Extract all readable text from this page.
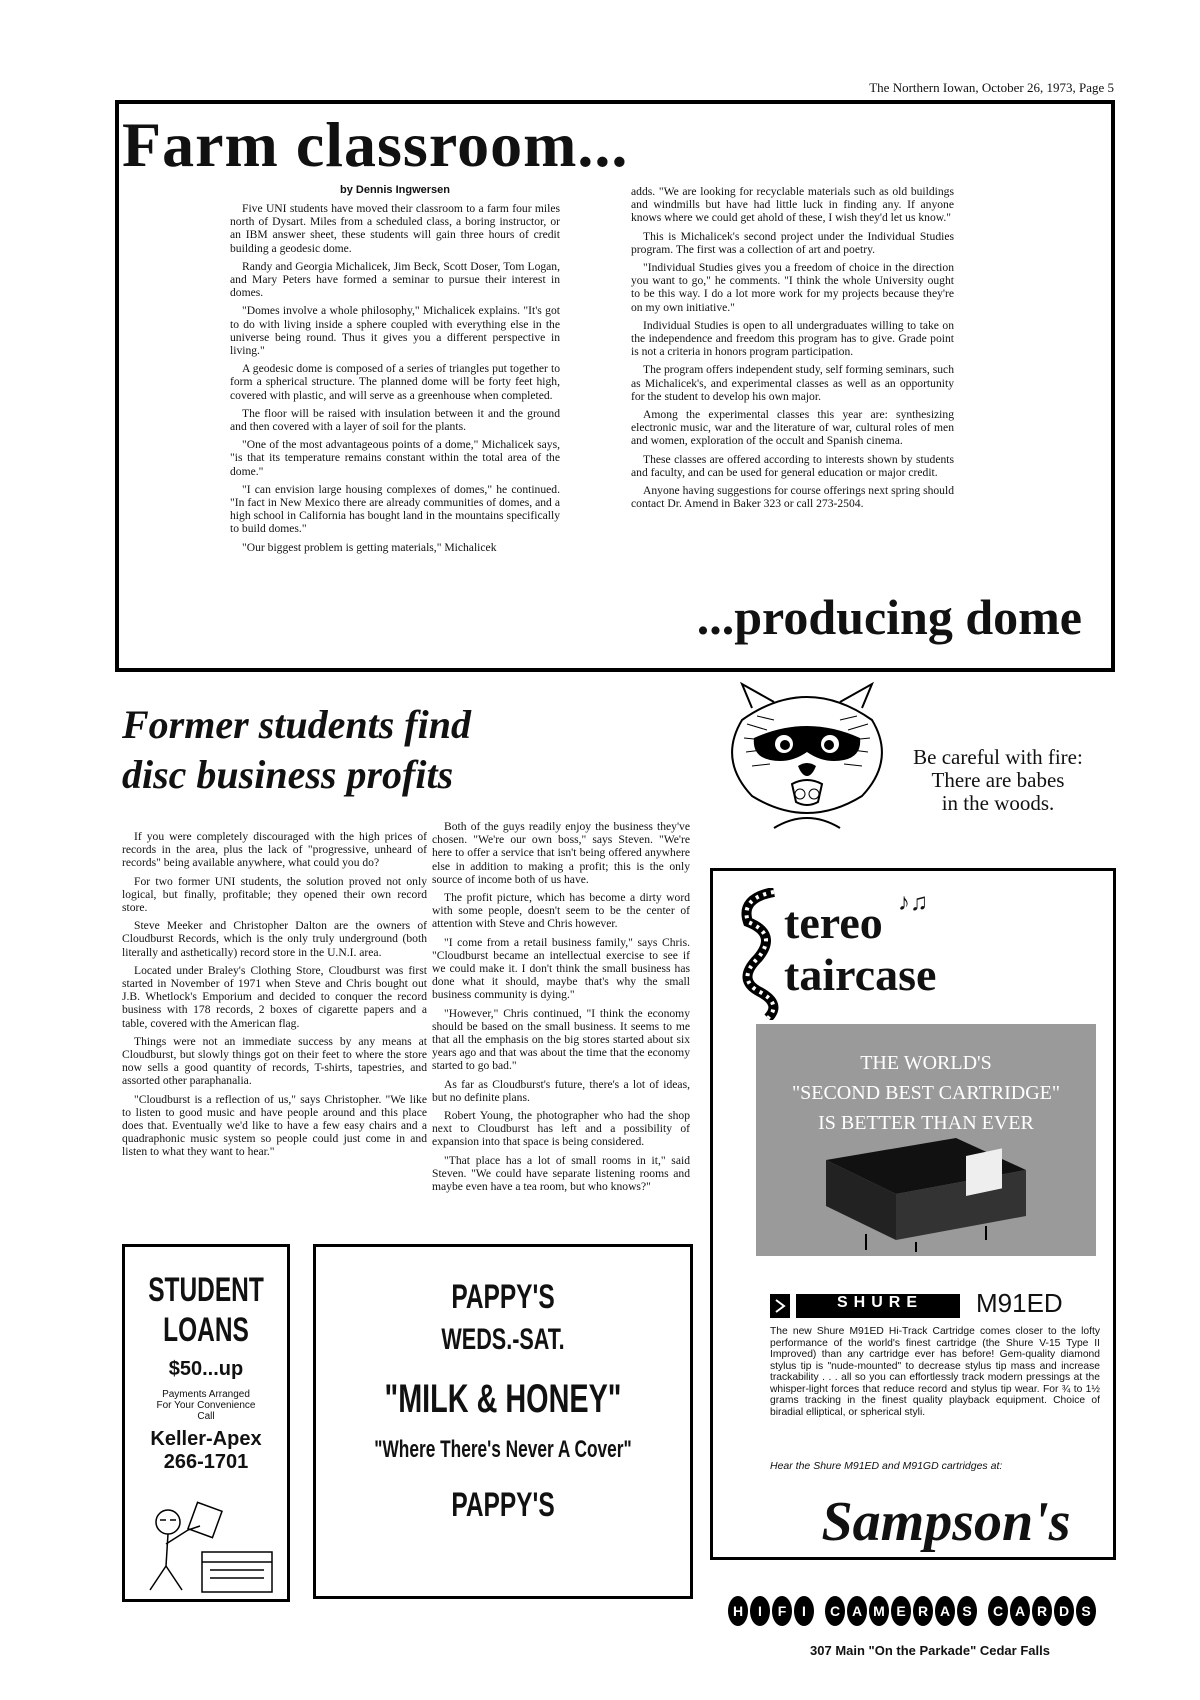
The Northern Iowan, October 26, 1973, Page 5
Farm classroom...
by Dennis Ingwersen

Five UNI students have moved their classroom to a farm four miles north of Dysart. Miles from a scheduled class, a boring instructor, or an IBM answer sheet, these students will gain three hours of credit building a geodesic dome.

Randy and Georgia Michalicek, Jim Beck, Scott Doser, Tom Logan, and Mary Peters have formed a seminar to pursue their interest in domes.

"Domes involve a whole philosophy," Michalicek explains. "It's got to do with living inside a sphere coupled with everything else in the universe being round. Thus it gives you a different perspective in living."

A geodesic dome is composed of a series of triangles put together to form a spherical structure. The planned dome will be forty feet high, covered with plastic, and will serve as a greenhouse when completed.

The floor will be raised with insulation between it and the ground and then covered with a layer of soil for the plants.

"One of the most advantageous points of a dome," Michalicek says, "is that its temperature remains constant within the total area of the dome."

"I can envision large housing complexes of domes," he continued. "In fact in New Mexico there are already communities of domes, and a high school in California has bought land in the mountains specifically to build domes."

"Our biggest problem is getting materials," Michalicek

adds. "We are looking for recyclable materials such as old buildings and windmills but have had little luck in finding any. If anyone knows where we could get ahold of these, I wish they'd let us know."

This is Michalicek's second project under the Individual Studies program. The first was a collection of art and poetry.

"Individual Studies gives you a freedom of choice in the direction you want to go," he comments. "I think the whole University ought to be this way. I do a lot more work for my projects because they're on my own initiative."

Individual Studies is open to all undergraduates willing to take on the independence and freedom this program has to give. Grade point is not a criteria in honors program participation.

The program offers independent study, self forming seminars, such as Michalicek's, and experimental classes as well as an opportunity for the student to develop his own major.

Among the experimental classes this year are: synthesizing electronic music, war and the literature of war, cultural roles of men and women, exploration of the occult and Spanish cinema.

These classes are offered according to interests shown by students and faculty, and can be used for general education or major credit.

Anyone having suggestions for course offerings next spring should contact Dr. Amend in Baker 323 or call 273-2504.

...producing dome
Former students find
disc business profits

If you were completely discouraged with the high prices of records in the area, plus the lack of "progressive, unheard of records" being available anywhere, what could you do?

For two former UNI students, the solution proved not only logical, but finally, profitable; they opened their own record store.

Steve Meeker and Christopher Dalton are the owners of Cloudburst Records, which is the only truly underground (both literally and asthetically) record store in the U.N.I. area.

Located under Braley's Clothing Store, Cloudburst was first started in November of 1971 when Steve and Chris bought out J.B. Whetlock's Emporium and decided to conquer the record business with 178 records, 2 boxes of cigarette papers and a table, covered with the American flag.

Things were not an immediate success by any means at Cloudburst, but slowly things got on their feet to where the store now sells a good quantity of records, T-shirts, tapestries, and assorted other paraphanalia.

"Cloudburst is a reflection of us," says Christopher. "We like to listen to good music and have people around and this place does that. Eventually we'd like to have a few easy chairs and a quadraphonic music system so people could just come in and listen to what they want to hear."

Both of the guys readily enjoy the business they've chosen. "We're our own boss," says Steven. "We're here to offer a service that isn't being offered anywhere else in addition to making a profit; this is the only source of income both of us have.

The profit picture, which has become a dirty word with some people, doesn't seem to be the center of attention with Steve and Chris however.

"I come from a retail business family," says Chris. "Cloudburst became an intellectual exercise to see if we could make it. I don't think the small business has done what it should, maybe that's why the small business community is dying."

"However," Chris continued, "I think the economy should be based on the small business. It seems to me that all the emphasis on the big stores started about six years ago and that was about the time that the economy started to go bad."

As far as Cloudburst's future, there's a lot of ideas, but no definite plans.

Robert Young, the photographer who had the shop next to Cloudburst has left and a possibility of expansion into that space is being considered.

"That place has a lot of small rooms in it," said Steven. "We could have separate listening rooms and maybe even have a tea room, but who knows?"

Be careful with fire:
There are babes
in the woods.
tereo ♪♫
taircase
THE WORLD'S
"SECOND BEST CARTRIDGE"
IS BETTER THAN EVER
SHURE	M91ED
The new Shure M91ED Hi-Track Cartridge comes closer to the lofty performance of the world's finest cartridge (the Shure V-15 Type II Improved) than any cartridge ever has before! Gem-quality diamond stylus tip is "nude-mounted" to decrease stylus tip mass and increase trackability . . . all so you can effortlessly track modern pressings at the whisper-light forces that reduce record and stylus tip wear. For ¾ to 1½ grams tracking in the finest quality playback equipment. Choice of biradial elliptical, or spherical styli.
Hear the Shure M91ED and M91GD cartridges at:
Sampson's
H	I	F	I	C A M E R A S	C A R D S
307 Main "On the Parkade" Cedar Falls
STUDENT
LOANS
$50...up
Payments Arranged
For Your Convenience
Call
Keller-Apex
266-1701
PAPPY'S
WEDS.-SAT.
"MILK & HONEY"
"Where There's Never A Cover"
PAPPY'S
